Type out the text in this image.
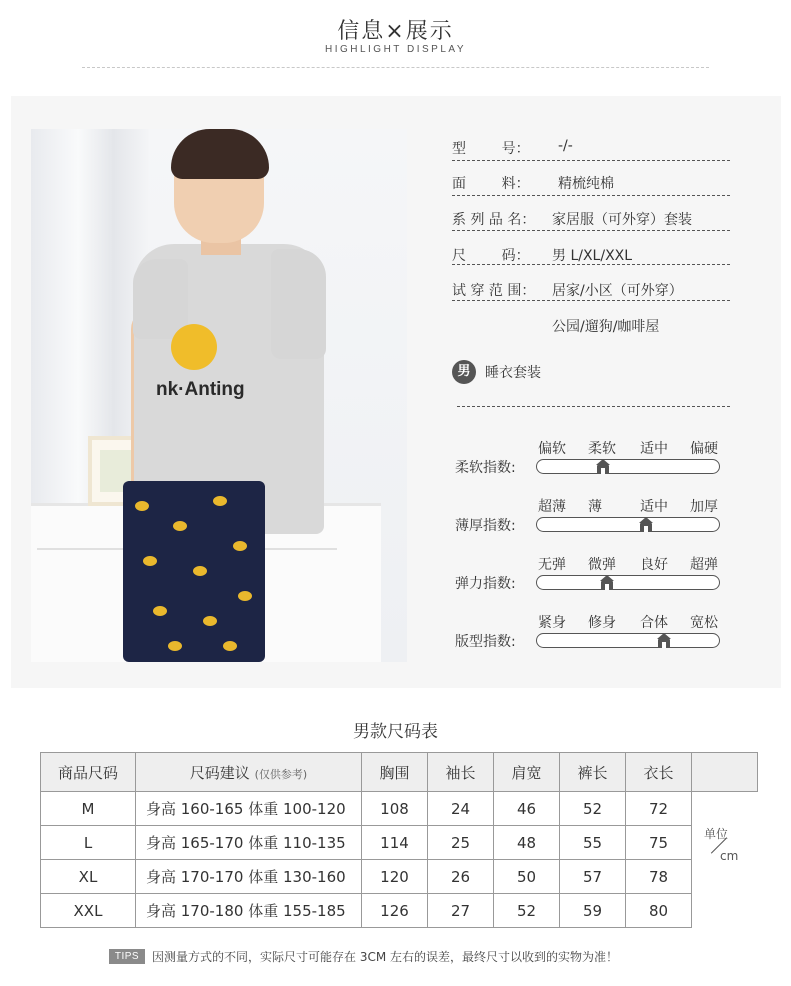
信息×展示
HIGHLIGHT DISPLAY
nk·Anting
型        号： -/-
面        料： 精梳纯棉
系 列 品 名： 家居服（可外穿）套装
尺        码： 男 L/XL/XXL
试 穿 范 围： 居家/小区（可外穿）
公园/遛狗/咖啡屋
男	睡衣套装
偏软 柔软 适中 偏硬
柔软指数:
超薄 薄	适中 加厚
薄厚指数:
无弹 微弹 良好 超弹
弹力指数:
紧身 修身 合体 宽松
版型指数:
男款尺码表
商品尺码	尺码建议 (仅供参考)	胸围	袖长	肩宽	裤长	衣长	单位
cm

M	身高 160-165 体重 100-120	108	24	46	52	72	
L	身高 165-170 体重 110-135	114	25	48	55	75	
XL	身高 170-170 体重 130-160	120	26	50	57	78	
XXL	身高 170-180 体重 155-185	126	27	52	59	80	
TIPS	因测量方式的不同，实际尺寸可能存在 3CM 左右的误差，最终尺寸以收到的实物为准！
